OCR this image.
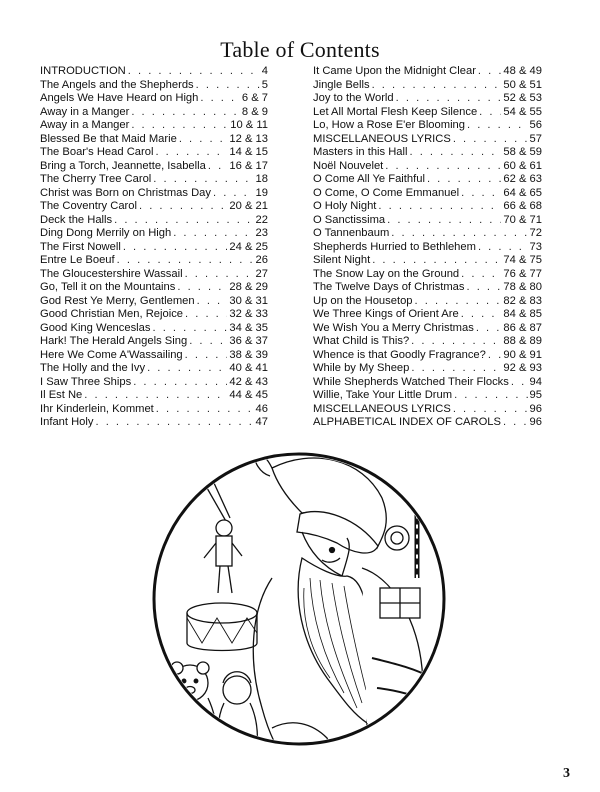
Table of Contents
INTRODUCTION . . .	4
The Angels and the Shepherds . . .	5
Angels We Have Heard on High . . .	6 & 7
Away in a Manger . . .	8 & 9
Away in a Manger . . .	10 & 11
Blessed Be that Maid Marie . . .	12 & 13
The Boar's Head Carol . . .	14 & 15
Bring a Torch, Jeannette, Isabella . . . 16 & 17
The Cherry Tree Carol . . .	18
Christ was Born on Christmas Day . . .	19
The Coventry Carol . . .	20 & 21
Deck the Halls . . .	22
Ding Dong Merrily on High . . .	23
The First Nowell . . .	24 & 25
Entre Le Boeuf . . .	26
The Gloucestershire Wassail . . .	27
Go, Tell it on the Mountains . . .	28 & 29
God Rest Ye Merry, Gentlemen . . .	30 & 31
Good Christian Men, Rejoice . . .	32 & 33
Good King Wenceslas . . .	34 & 35
Hark! The Herald Angels Sing . . .	36 & 37
Here We Come A'Wassailing . . .	38 & 39
The Holly and the Ivy . . .	40 & 41
I Saw Three Ships . . .	42 & 43
Il Est Ne . . .	44 & 45
Ihr Kinderlein, Kommet . . .	46
Infant Holy . . .	47
It Came Upon the Midnight Clear . . . 48 & 49
Jingle Bells . . .	50 & 51
Joy to the World . . .	52 & 53
Let All Mortal Flesh Keep Silence . . . 54 & 55
Lo, How a Rose E'er Blooming . . .	56
MISCELLANEOUS LYRICS . . .	57
Masters in this Hall . . .	58 & 59
Noël Nouvelet . . .	60 & 61
O Come All Ye Faithful . . .	62 & 63
O Come, O Come Emmanuel . . .	64 & 65
O Holy Night . . .	66 & 68
O Sanctissima . . .	70 & 71
O Tannenbaum . . .	72
Shepherds Hurried to Bethlehem . . .	73
Silent Night . . .	74 & 75
The Snow Lay on the Ground . . .	76 & 77
The Twelve Days of Christmas . . .	78 & 80
Up on the Housetop . . .	82 & 83
We Three Kings of Orient Are . . .	84 & 85
We Wish You a Merry Christmas . . .	86 & 87
What Child is This? . . .	88 & 89
Whence is that Goodly Fragrance? . . . 90 & 91
While by My Sheep . . .	92 & 93
While Shepherds Watched Their Flocks . . . 94
Willie, Take Your Little Drum . . .	95
MISCELLANEOUS LYRICS . . .	96
ALPHABETICAL INDEX OF CAROLS . . .	96
3
